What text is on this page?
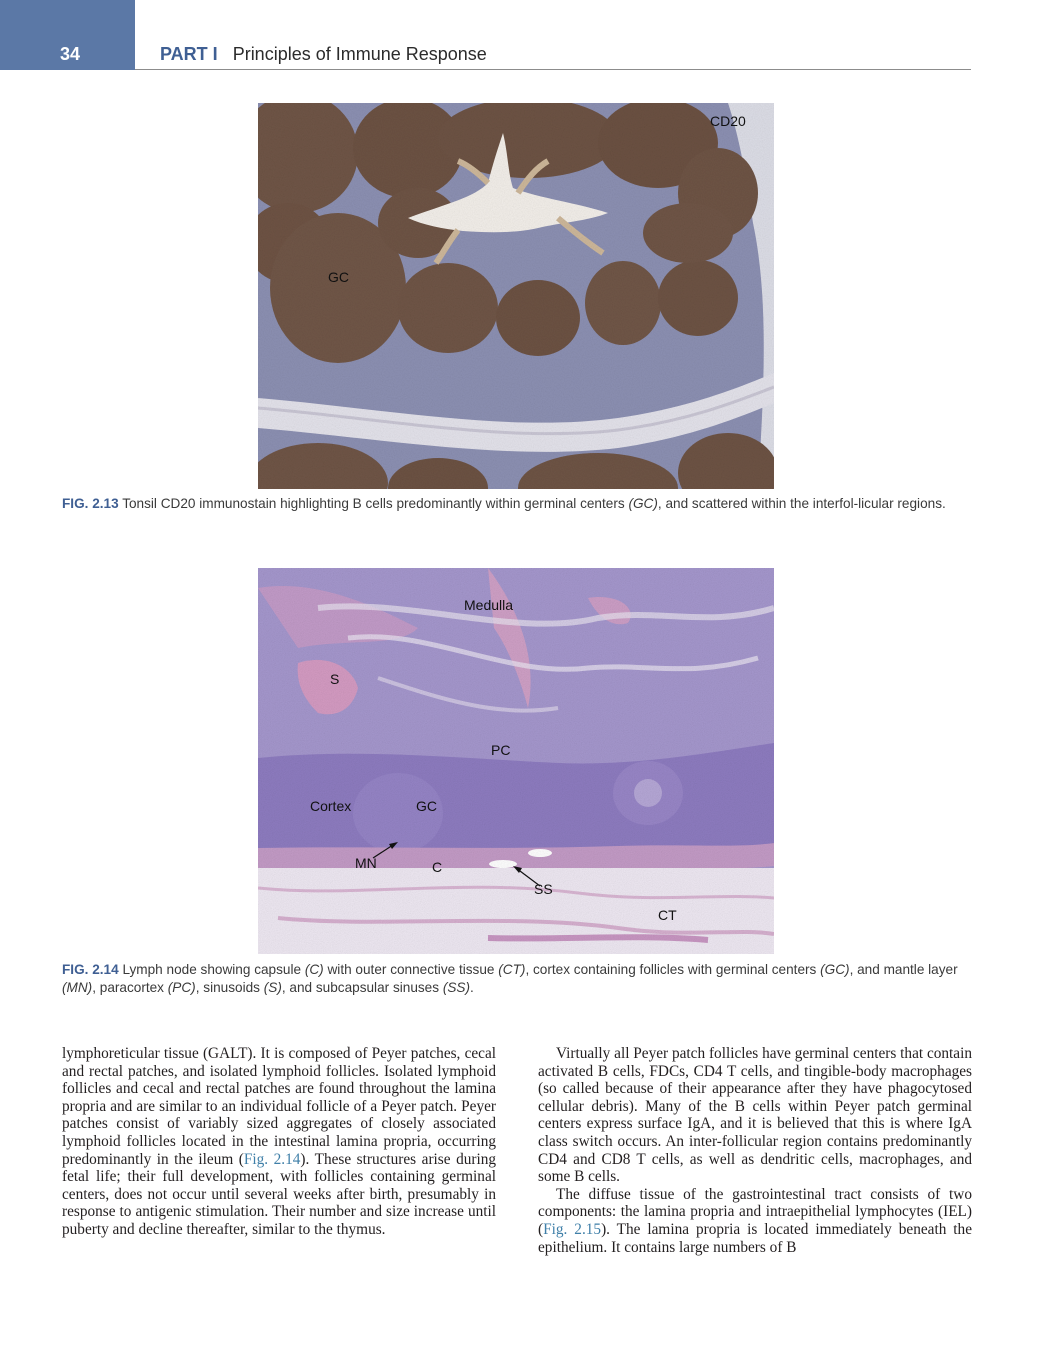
34	PART I Principles of Immune Response
CD20
GC
FIG. 2.13 Tonsil CD20 immunostain highlighting B cells predominantly within germinal centers (GC), and scattered within the interfol-licular regions.
Medulla
S
PC
Cortex	GC
MN	C
SS
CT
FIG. 2.14 Lymph node showing capsule (C) with outer connective tissue (CT), cortex containing follicles with germinal centers (GC), and mantle layer (MN), paracortex (PC), sinusoids (S), and subcapsular sinuses (SS).

lymphoreticular tissue (GALT). It is composed of Peyer patches, cecal and rectal patches, and isolated lymphoid follicles. Isolated lymphoid follicles and cecal and rectal patches are found throughout the lamina propria and are similar to an individual follicle of a Peyer patch. Peyer patches consist of variably sized aggregates of closely associated lymphoid follicles located in the intestinal lamina propria, occurring predominantly in the ileum (Fig. 2.14). These structures arise during fetal life; their full development, with follicles containing germinal centers, does not occur until several weeks after birth, presumably in response to antigenic stimulation. Their number and size increase until puberty and decline thereafter, similar to the thymus.

Virtually all Peyer patch follicles have germinal centers that contain activated B cells, FDCs, CD4 T cells, and tingible-body macrophages (so called because of their appearance after they have phagocytosed cellular debris). Many of the B cells within Peyer patch germinal centers express surface IgA, and it is believed that this is where IgA class switch occurs. An inter-follicular region contains predominantly CD4 and CD8 T cells, as well as dendritic cells, macrophages, and some B cells.

The diffuse tissue of the gastrointestinal tract consists of two components: the lamina propria and intraepithelial lymphocytes (IEL) (Fig. 2.15). The lamina propria is located immediately beneath the epithelium. It contains large numbers of B
